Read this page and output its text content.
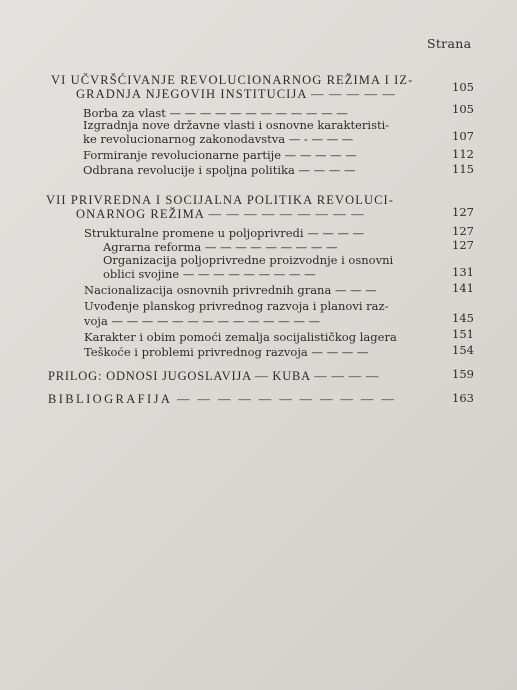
Strana
VI UČVRŠĆIVANJE REVOLUCIONARNOG REŽIMA I IZ-
GRADNJA NJEGOVIH INSTITUCIJA — — — — —	105
Borba za vlast — — — — — — — — — — — —	105
Izgradnja nove državne vlasti i osnovne karakteristi-
ke revolucionarnog zakonodavstva — - — — —	107
Formiranje revolucionarne partije — — — — —	112
Odbrana revolucije i spoljna politika — — — —	115
VII PRIVREDNA I SOCIJALNA POLITIKA REVOLUCI-
ONARNOG REŽIMA — — — — — — — — —	127
Strukturalne promene u poljoprivredi — — — —	127
Agrarna reforma — — — — — — — — —	127
Organizacija poljoprivredne proizvodnje i osnovni
oblici svojine — — — — — — — — —	131
Nacionalizacija osnovnih privrednih grana — — —	141
Uvođenje planskog privrednog razvoja i planovi raz-
voja — — — — — — — — — — — — — —	145
Karakter i obim pomoći zemalja socijalističkog lagera	151
Teškoće i problemi privrednog razvoja — — — —	154
PRILOG: ODNOSI JUGOSLAVIJA — KUBA — — — —	159
BIBLIOGRAFIJA — — — — — — — — — — —	163
